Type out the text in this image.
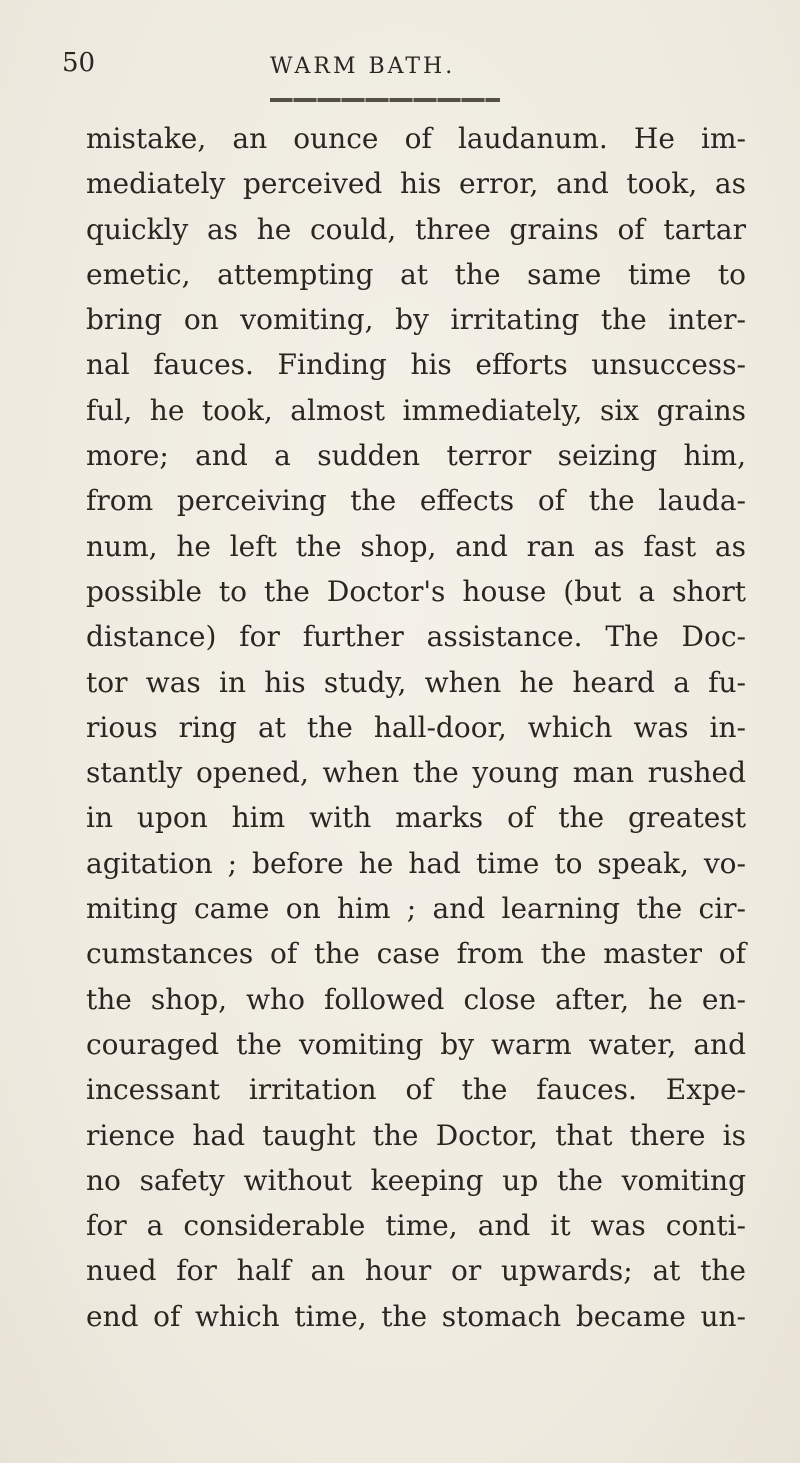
50	WARM BATH.
mistake, an ounce of laudanum. He im-
mediately perceived his error, and took, as
quickly as he could, three grains of tartar
emetic, attempting at the same time to
bring on vomiting, by irritating the inter-
nal fauces. Finding his efforts unsuccess-
ful, he took, almost immediately, six grains
more; and a sudden terror seizing him,
from perceiving the effects of the lauda-
num, he left the shop, and ran as fast as
possible to the Doctor's house (but a short
distance) for further assistance. The Doc-
tor was in his study, when he heard a fu-
rious ring at the hall-door, which was in-
stantly opened, when the young man rushed
in upon him with marks of the greatest
agitation ; before he had time to speak, vo-
miting came on him ; and learning the cir-
cumstances of the case from the master of
the shop, who followed close after, he en-
couraged the vomiting by warm water, and
incessant irritation of the fauces. Expe-
rience had taught the Doctor, that there is
no safety without keeping up the vomiting
for a considerable time, and it was conti-
nued for half an hour or upwards; at the
end of which time, the stomach became un-
